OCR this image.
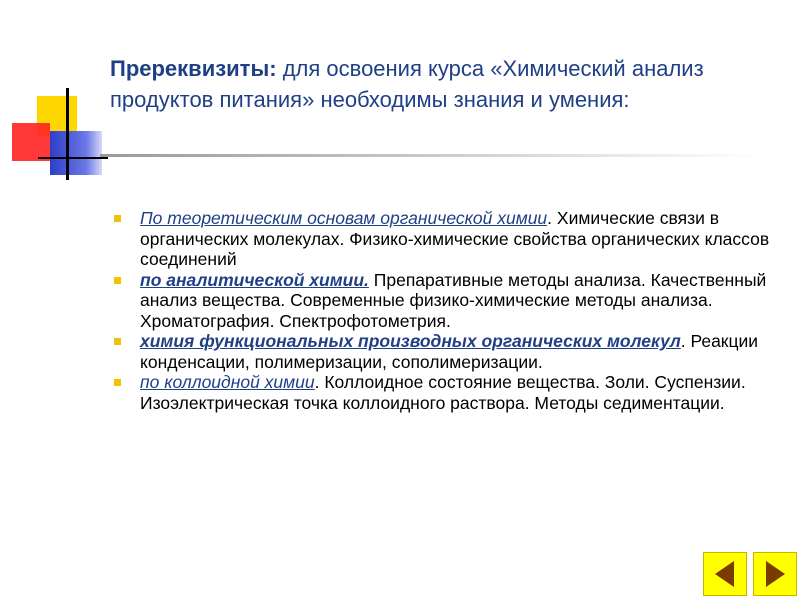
Пререквизиты: для освоения курса «Химический анализ продуктов питания» необходимы знания и умения:

По теоретическим основам органической химии. Химические связи в органических молекулах. Физико-химические свойства органических классов соединений

по аналитической химии. Препаративные методы анализа. Качественный анализ вещества. Современные физико-химические методы анализа. Хроматография. Спектрофотометрия.

химия функциональных производных органических молекул. Реакции конденсации, полимеризации, сополимеризации.

по коллоидной химии. Коллоидное состояние вещества. Золи. Суспензии. Изоэлектрическая точка коллоидного раствора. Методы седиментации.
